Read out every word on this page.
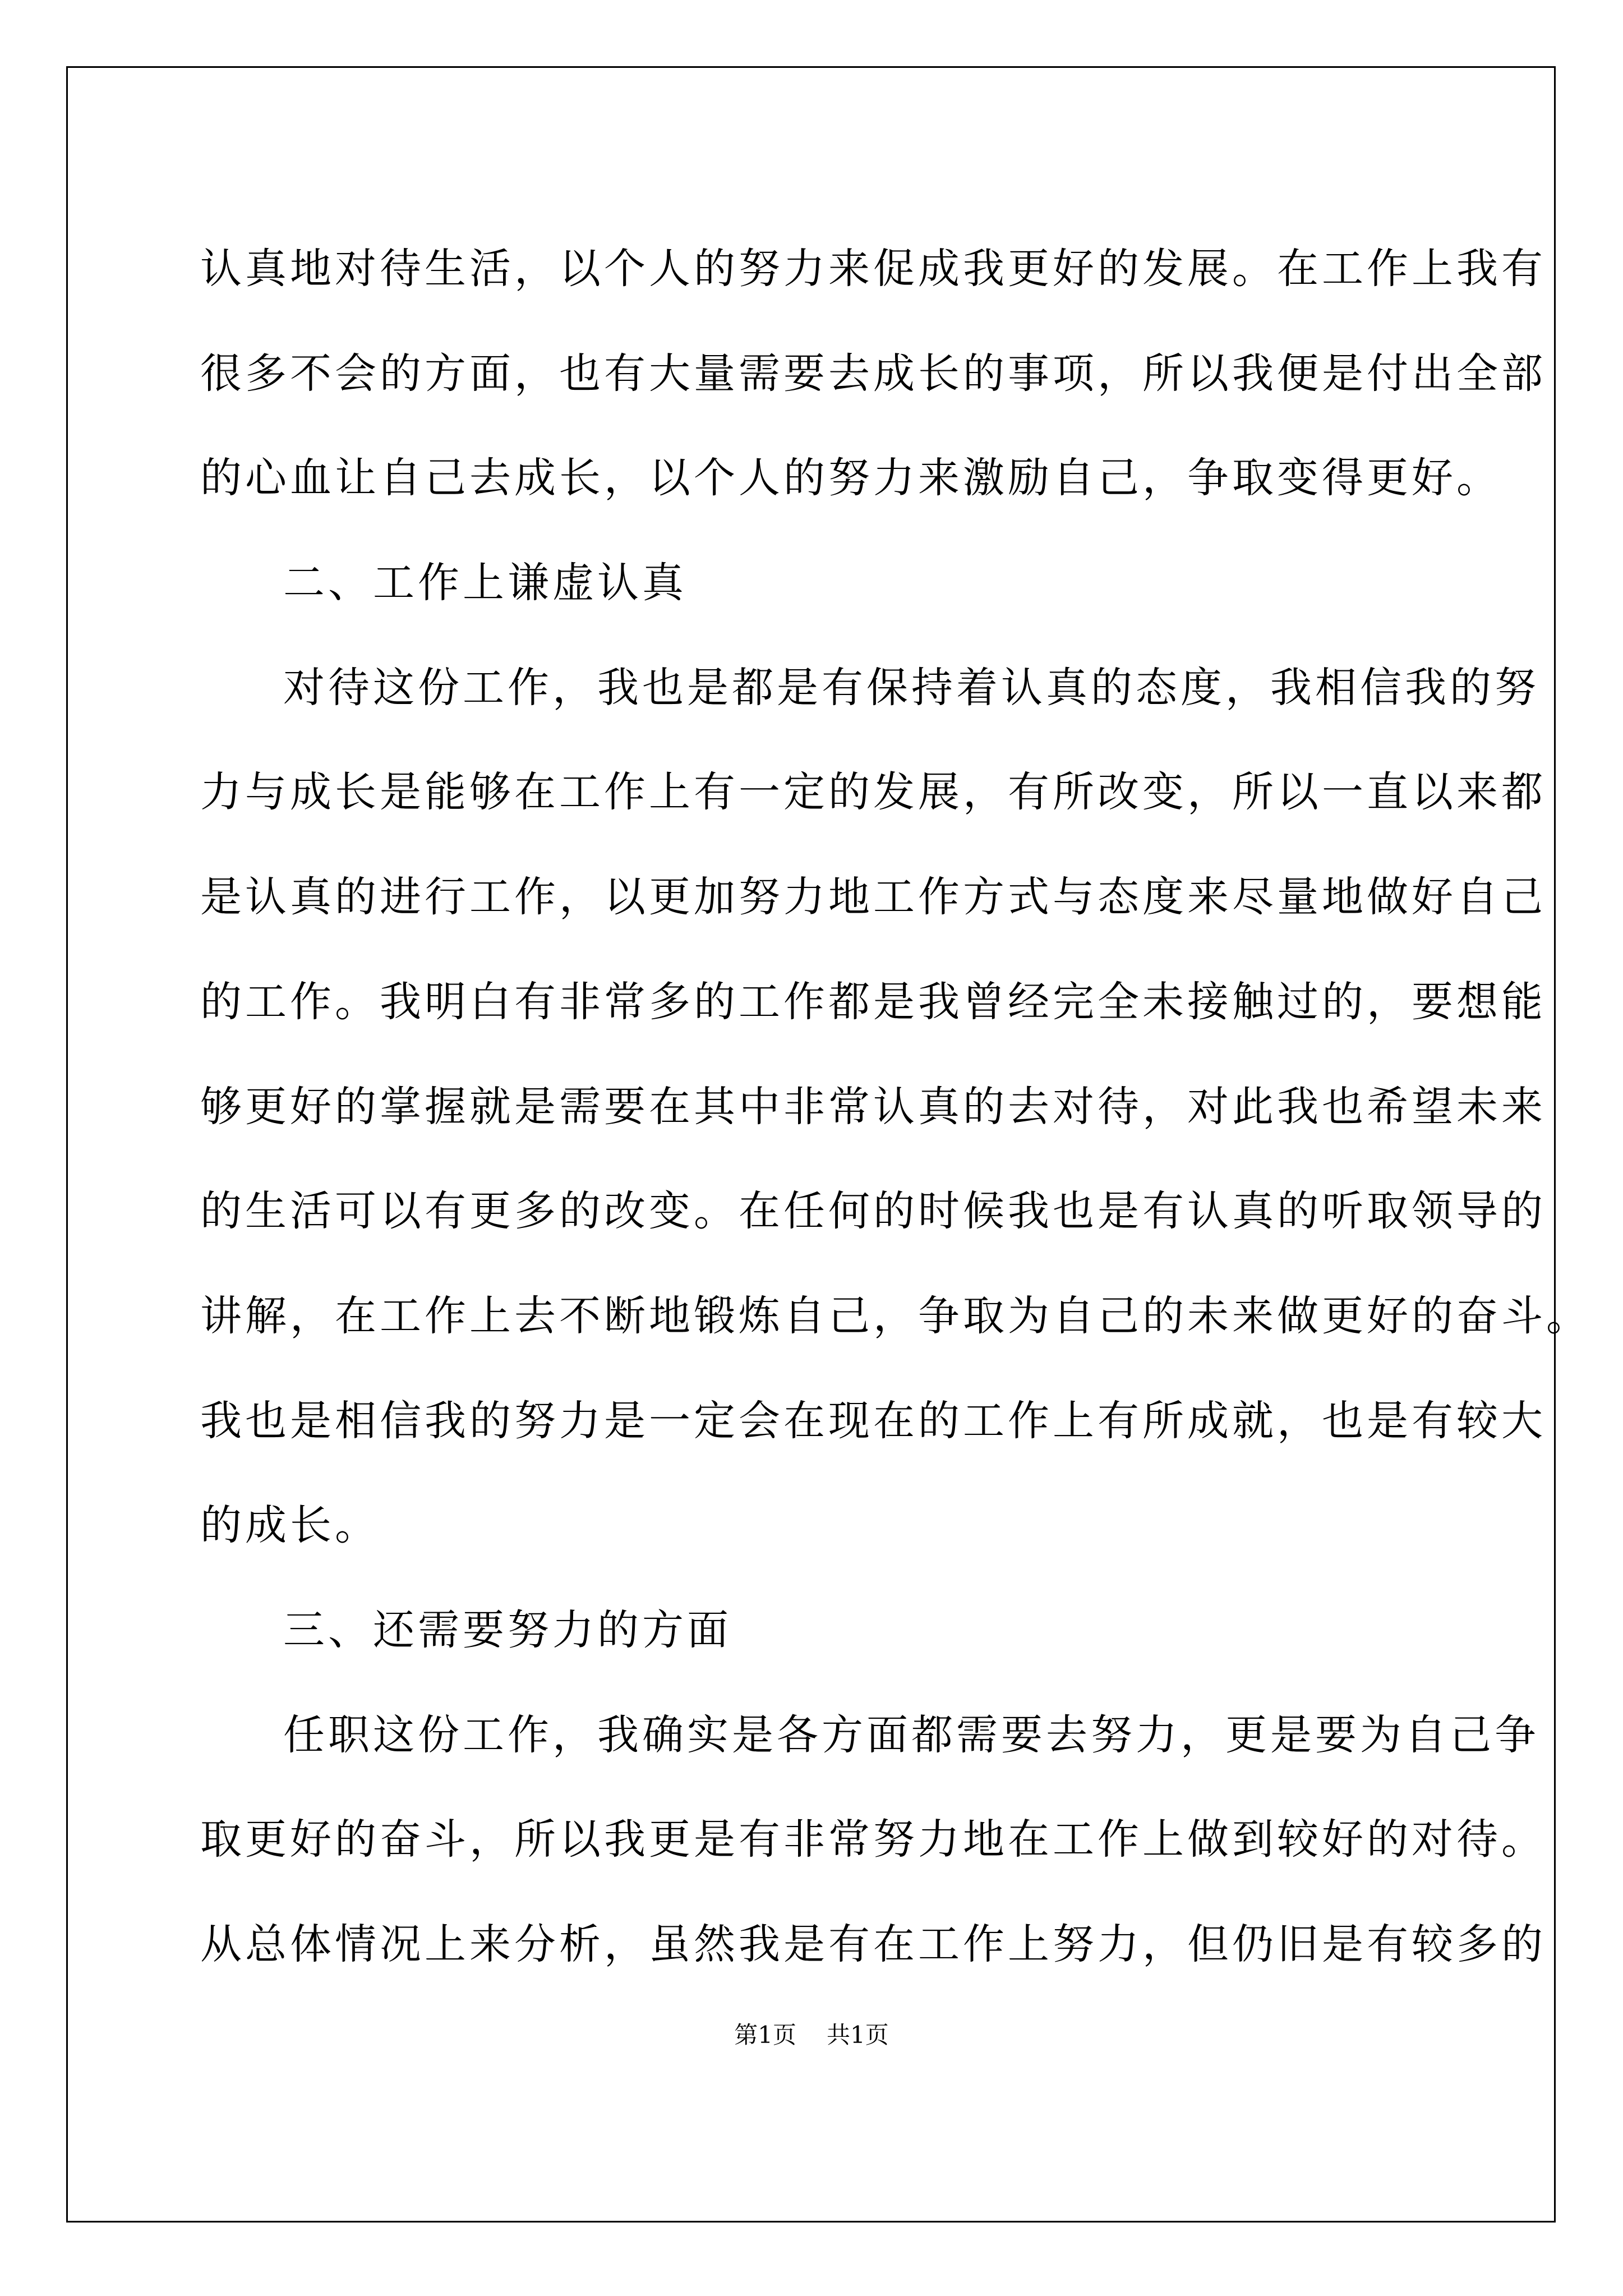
认真地对待生活，以个人的努力来促成我更好的发展。在工作上我有
很多不会的方面，也有大量需要去成长的事项，所以我便是付出全部
的心血让自己去成长，以个人的努力来激励自己，争取变得更好。
二、工作上谦虚认真
对待这份工作，我也是都是有保持着认真的态度，我相信我的努
力与成长是能够在工作上有一定的发展，有所改变，所以一直以来都
是认真的进行工作，以更加努力地工作方式与态度来尽量地做好自己
的工作。我明白有非常多的工作都是我曾经完全未接触过的，要想能
够更好的掌握就是需要在其中非常认真的去对待，对此我也希望未来
的生活可以有更多的改变。在任何的时候我也是有认真的听取领导的
讲解，在工作上去不断地锻炼自己，争取为自己的未来做更好的奋斗。
我也是相信我的努力是一定会在现在的工作上有所成就，也是有较大
的成长。
三、还需要努力的方面
任职这份工作，我确实是各方面都需要去努力，更是要为自己争
取更好的奋斗，所以我更是有非常努力地在工作上做到较好的对待。
从总体情况上来分析，虽然我是有在工作上努力，但仍旧是有较多的
第1页 共1页
